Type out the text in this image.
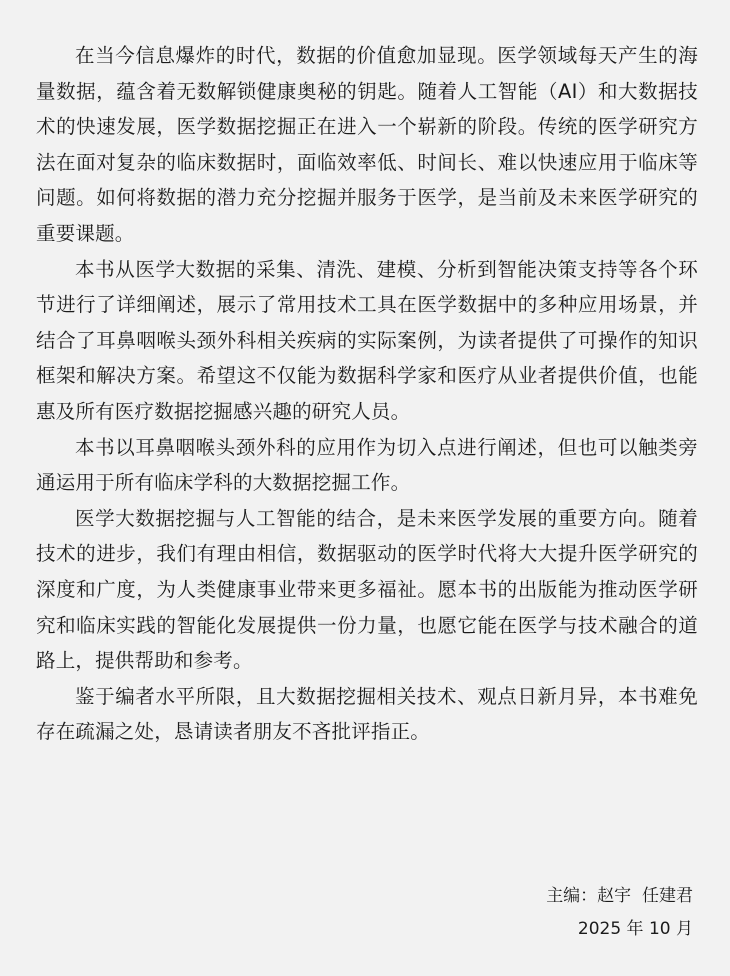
在当今信息爆炸的时代，数据的价值愈加显现。医学领域每天产生的海量数据，蕴含着无数解锁健康奥秘的钥匙。随着人工智能（AI）和大数据技术的快速发展，医学数据挖掘正在进入一个崭新的阶段。传统的医学研究方法在面对复杂的临床数据时，面临效率低、时间长、难以快速应用于临床等问题。如何将数据的潜力充分挖掘并服务于医学，是当前及未来医学研究的重要课题。

本书从医学大数据的采集、清洗、建模、分析到智能决策支持等各个环节进行了详细阐述，展示了常用技术工具在医学数据中的多种应用场景，并结合了耳鼻咽喉头颈外科相关疾病的实际案例，为读者提供了可操作的知识框架和解决方案。希望这不仅能为数据科学家和医疗从业者提供价值，也能惠及所有医疗数据挖掘感兴趣的研究人员。

本书以耳鼻咽喉头颈外科的应用作为切入点进行阐述，但也可以触类旁通运用于所有临床学科的大数据挖掘工作。

医学大数据挖掘与人工智能的结合，是未来医学发展的重要方向。随着技术的进步，我们有理由相信，数据驱动的医学时代将大大提升医学研究的深度和广度，为人类健康事业带来更多福祉。愿本书的出版能为推动医学研究和临床实践的智能化发展提供一份力量，也愿它能在医学与技术融合的道路上，提供帮助和参考。

鉴于编者水平所限，且大数据挖掘相关技术、观点日新月异，本书难免存在疏漏之处，恳请读者朋友不吝批评指正。

主编：赵宇  任建君
2025 年 10 月
